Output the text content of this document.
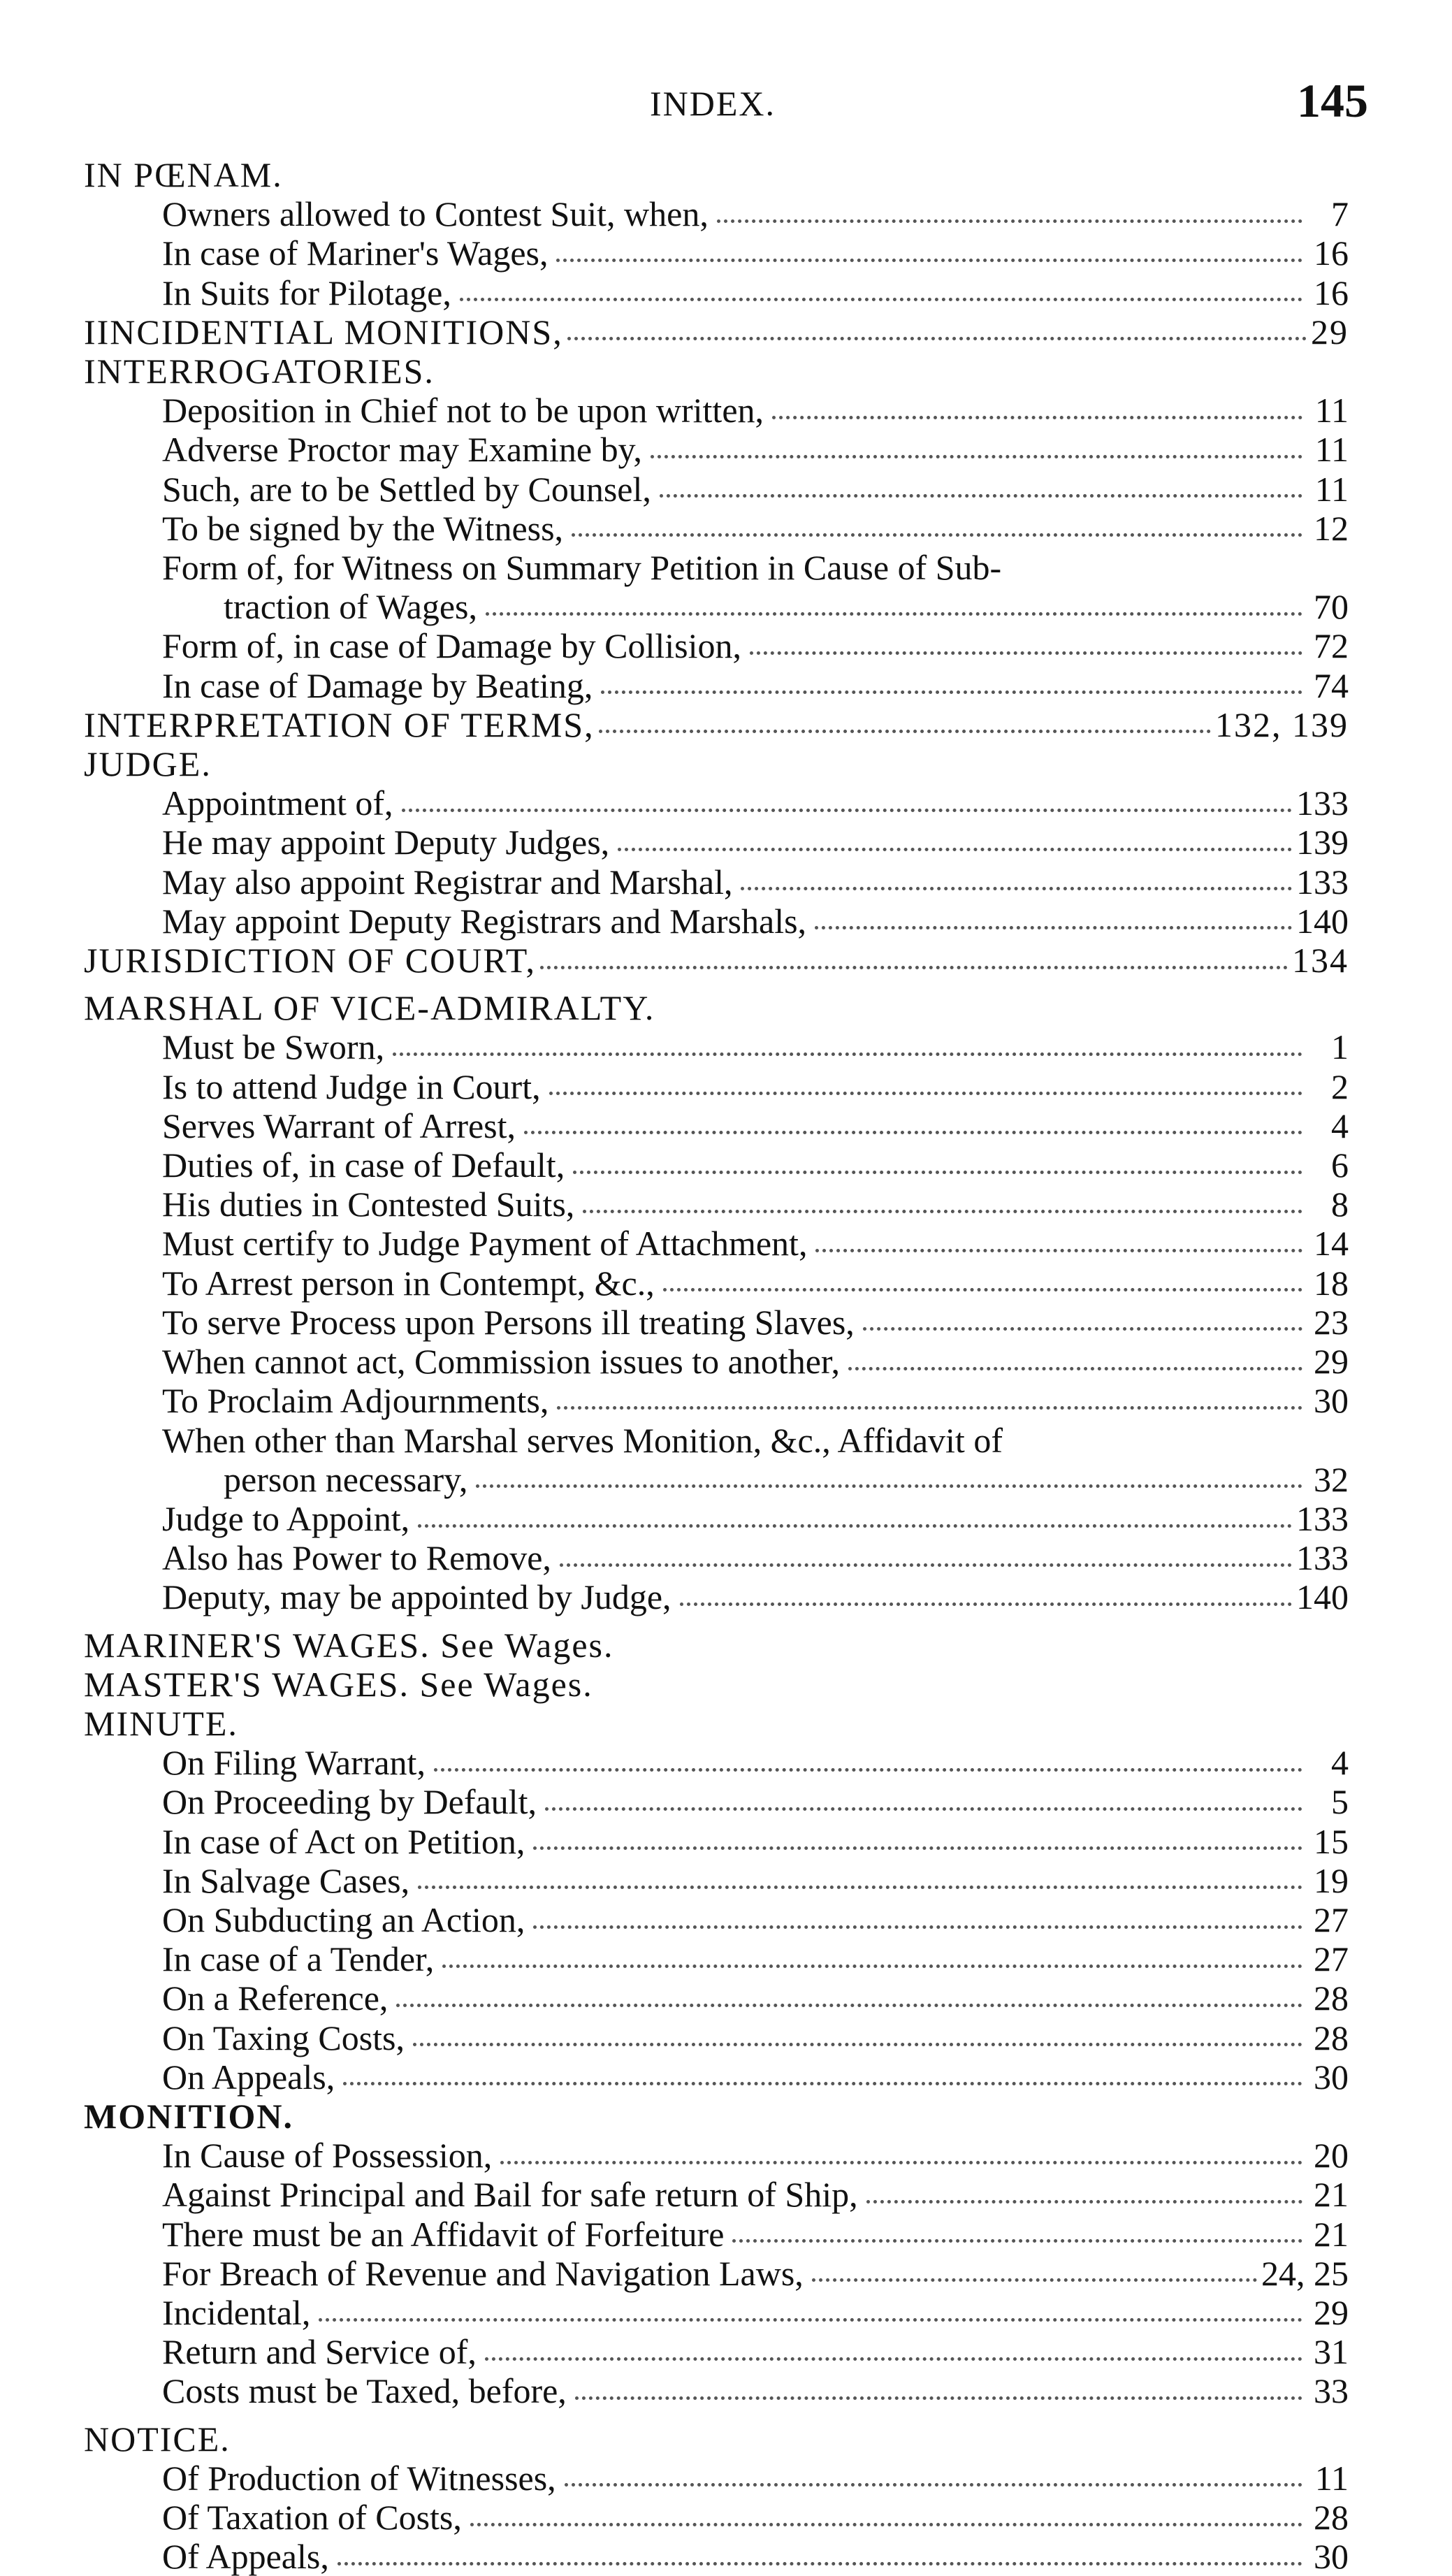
INDEX.	145
IN PŒNAM.
Owners allowed to Contest Suit, when,	7
In case of Mariner's Wages,	16
In Suits for Pilotage,	16
IINCIDENTIAL MONITIONS,	29
INTERROGATORIES.
Deposition in Chief not to be upon written,	11
Adverse Proctor may Examine by,	11
Such, are to be Settled by Counsel,	11
To be signed by the Witness,	12
Form of, for Witness on Summary Petition in Cause of Sub-
traction of Wages,	70
Form of, in case of Damage by Collision,	72
In case of Damage by Beating,	74
INTERPRETATION OF TERMS,	132, 139
JUDGE.
Appointment of,	133
He may appoint Deputy Judges,	139
May also appoint Registrar and Marshal,	133
May appoint Deputy Registrars and Marshals,	140
JURISDICTION OF COURT,	134
MARSHAL OF VICE-ADMIRALTY.
Must be Sworn,	1
Is to attend Judge in Court,	2
Serves Warrant of Arrest,	4
Duties of, in case of Default,	6
His duties in Contested Suits,	8
Must certify to Judge Payment of Attachment,	14
To Arrest person in Contempt, &c.,	18
To serve Process upon Persons ill treating Slaves,	23
When cannot act, Commission issues to another,	29
To Proclaim Adjournments,	30
When other than Marshal serves Monition, &c., Affidavit of
person necessary,	32
Judge to Appoint,	133
Also has Power to Remove,	133
Deputy, may be appointed by Judge,	140
MARINER'S WAGES. See Wages.
MASTER'S WAGES. See Wages.
MINUTE.
On Filing Warrant,	4
On Proceeding by Default,	5
In case of Act on Petition,	15
In Salvage Cases,	19
On Subducting an Action,	27
In case of a Tender,	27
On a Reference,	28
On Taxing Costs,	28
On Appeals,	30
MONITION.
In Cause of Possession,	20
Against Principal and Bail for safe return of Ship,	21
There must be an Affidavit of Forfeiture	21
For Breach of Revenue and Navigation Laws,	24, 25
Incidental,	29
Return and Service of,	31
Costs must be Taxed, before,	33
NOTICE.
Of Production of Witnesses,	11
Of Taxation of Costs,	28
Of Appeals,	30
